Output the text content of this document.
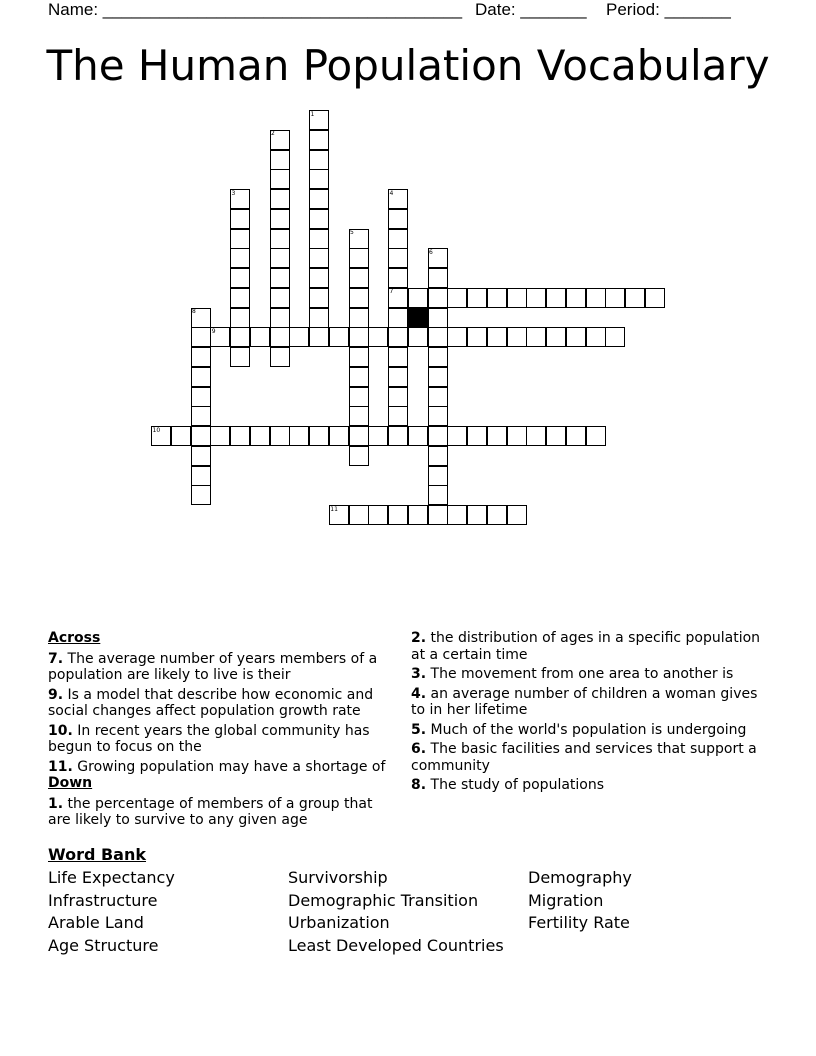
Name: ______________________________________ Date: _______ Period: _______
The Human Population Vocabulary
1
2
3	4
5
6
7
8
9
10
11
Across
7. The average number of years members of a population are likely to live is their
9. Is a model that describe how economic and social changes affect population growth rate
10. In recent years the global community has begun to focus on the
11. Growing population may have a shortage of
Down
1. the percentage of members of a group that are likely to survive to any given age
2. the distribution of ages in a specific population at a certain time
3. The movement from one area to another is
4. an average number of children a woman gives to in her lifetime
5. Much of the world's population is undergoing
6. The basic facilities and services that support a community
8. The study of populations
Word Bank
Life Expectancy
Infrastructure
Arable Land
Age Structure
Survivorship
Demographic Transition
Urbanization
Least Developed Countries
Demography
Migration
Fertility Rate
